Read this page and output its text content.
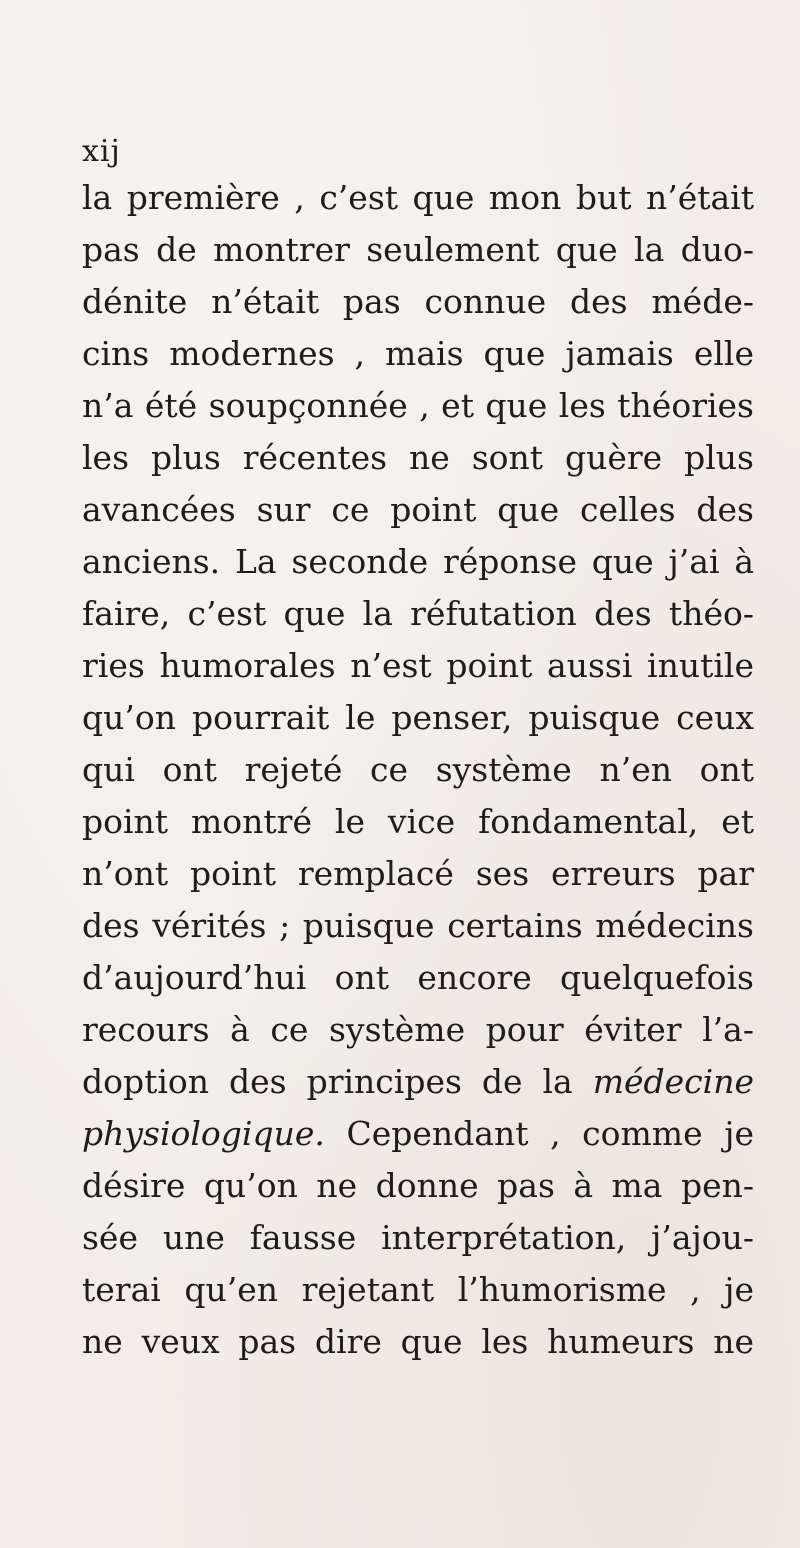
xij
la première , c’est que mon but n’était
pas de montrer seulement que la duo-
dénite n’était pas connue des méde-
cins modernes , mais que jamais elle
n’a été soupçonnée , et que les théories
les plus récentes ne sont guère plus
avancées sur ce point que celles des
anciens. La seconde réponse que j’ai à
faire, c’est que la réfutation des théo-
ries humorales n’est point aussi inutile
qu’on pourrait le penser, puisque ceux
qui ont rejeté ce système n’en ont
point montré le vice fondamental, et
n’ont point remplacé ses erreurs par
des vérités ; puisque certains médecins
d’aujourd’hui ont encore quelquefois
recours à ce système pour éviter l’a-
doption des principes de la médecine
physiologique. Cependant , comme je
désire qu’on ne donne pas à ma pen-
sée une fausse interprétation, j’ajou-
terai qu’en rejetant l’humorisme , je
ne veux pas dire que les humeurs ne
